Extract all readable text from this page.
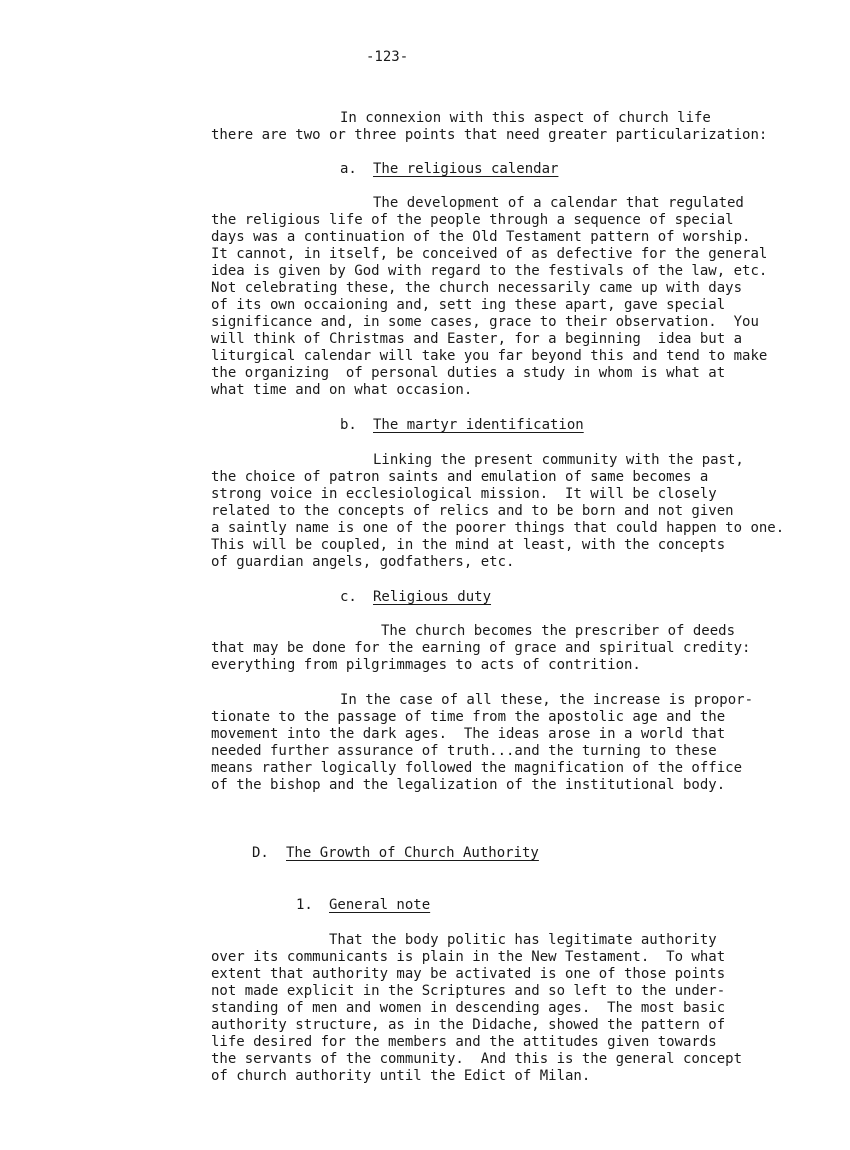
-123-
In connexion with this aspect of church life
there are two or three points that need greater particularization:
a. The religious calendar
The development of a calendar that regulated
the religious life of the people through a sequence of special
days was a continuation of the Old Testament pattern of worship.
It cannot, in itself, be conceived of as defective for the general
idea is given by God with regard to the festivals of the law, etc.
Not celebrating these, the church necessarily came up with days
of its own occaioning and, sett ing these apart, gave special
significance and, in some cases, grace to their observation.  You
will think of Christmas and Easter, for a beginning  idea but a
liturgical calendar will take you far beyond this and tend to make
the organizing  of personal duties a study in whom is what at
what time and on what occasion.
b. The martyr identification
Linking the present community with the past,
the choice of patron saints and emulation of same becomes a
strong voice in ecclesiological mission.  It will be closely
related to the concepts of relics and to be born and not given
a saintly name is one of the poorer things that could happen to one.
This will be coupled, in the mind at least, with the concepts
of guardian angels, godfathers, etc.
c. Religious duty
The church becomes the prescriber of deeds
that may be done for the earning of grace and spiritual credity:
everything from pilgrimmages to acts of contrition.
In the case of all these, the increase is propor-
tionate to the passage of time from the apostolic age and the
movement into the dark ages.  The ideas arose in a world that
needed further assurance of truth...and the turning to these
means rather logically followed the magnification of the office
of the bishop and the legalization of the institutional body.
D. The Growth of Church Authority
1. General note
That the body politic has legitimate authority
over its communicants is plain in the New Testament.  To what
extent that authority may be activated is one of those points
not made explicit in the Scriptures and so left to the under-
standing of men and women in descending ages.  The most basic
authority structure, as in the Didache, showed the pattern of
life desired for the members and the attitudes given towards
the servants of the community.  And this is the general concept
of church authority until the Edict of Milan.
